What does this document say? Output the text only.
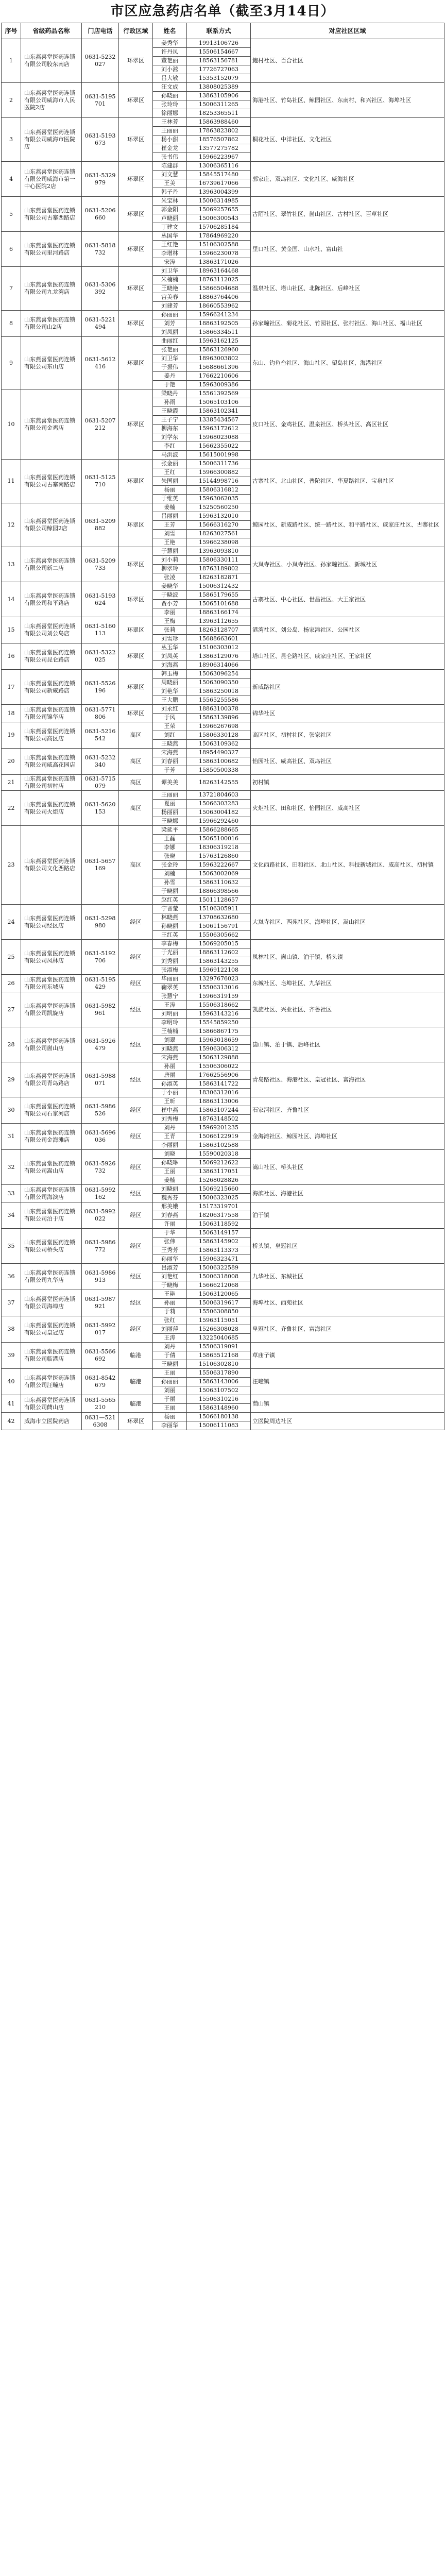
市区应急药店名单（截至3月14日）
序号	省级药品名称	门店电话	行政区域	姓名	联系方式	对应社区区域
1	山东燕喜堂医药连锁有限公司胶东南店	0631-5232027	环翠区	姜秀华	19913106726	鲍村社区、百合社区
				许丹凤	15506154667	
				董艳丽	18563156781	
				刘小淞	17726727063	
				吕大敏	15353152079	
2	山东燕喜堂医药连锁有限公司威海市人民医院2店	0631-5195701	环翠区	汪文成	13808025389	海港社区、竹岛社区、鲸园社区、东南村、和兴社区、海埠社区
				孙晓丽	13863105906	
				张玲玲	15006311265	
				徐丽娜	18253365511	
3	山东燕喜堂医药连锁有限公司威海市医院店	0631-5193673	环翠区	王林芳	15863988460	桐花社区、中洋社区、文化社区
				王丽丽	17863823802	
				杨小甜	18576507862	
				崔金龙	13577275782	
				张书伟	15966223967	
4	山东燕喜堂医药连锁有限公司威海市第一中心医院2店	0631-5329979	环翠区	陈建群	13006365116	郭家庄、双岛社区、文化社区、威海社区
				刘文慧	15845517480	
				王美	16739617066	
				韩子丹	13963004399	
5	山东燕喜堂医药连锁有限公司古寨西路店	0631-5206660	环翠区	朱宝林	15006314985	古陌社区、翠竹社区、崮山社区、古村社区、百草社区
				郭金阳	15069257655	
				芦晓丽	15006300543	
				丁建文	15706285184	
6	山东燕喜堂医药连锁有限公司里河路店	0631-5818732	环翠区	丛国华	17864969220	里口社区、黄金国、山水社、富山社
				王红艳	15106302588	
				李增林	15966230078	
				宋涛	13863171026	
7	山东燕喜堂医药连锁有限公司九龙湾店	0631-5306392	环翠区	刘卫华	18963164468	温泉社区、塔山社区、北陈社区、后峰社区
				朱楠楠	18763112025	
				王晓艳	15866504688	
				宫美春	18863764406	
				刘建芳	18660553962	
8	山东燕喜堂医药连锁有限公司山2店	0631-5221494	环翠区	孙丽丽	15966241234	孙家疃社区、菊花社区、竹园社区、张村社区、海山社区、福山社区
				刘芳	18863192505	
				刘凤丽	15866334511	
9	山东燕喜堂医药连锁有限公司东山店	0631-5612416	环翠区	曲丽红	15963162125	东山、钓鱼台社区、海山社区、望岛社区、海港社区
				张艳丽	15863126960	
				刘卫华	18963003802	
				于振伟	15688661396	
				姜丹	17662210606	
				于艳	15963009386	
10	山东燕喜堂医药连锁有限公司金鸡店	0631-5207212	环翠区	梁晓丹	15561392569	皮口社区、金鸡社区、温泉社区、桥头社区、高区社区
				孙雨	15065103106	
				王晓霞	15863102341	
				王子宁	13385434567	
				柳海东	15963172612	
				刘学东	15968023088	
				李红	15662355022	
				马洪波	15615001998	
11	山东燕喜堂医药连锁有限公司古寨南路店	0631-5125710	环翠区	张金丽	15006311736	古寨社区、北山社区、普陀社区、华夏路社区、宝泉社区
				王红	15966300882	
				朱国丽	15144998716	
				杨丽	15806316812	
				于维英	15963062035	
12	山东燕喜堂医药连锁有限公司鲸园2店	0631-5209882	环翠区	姜楠	15250560250	鲸园社区、新威路社区、统一路社区、和平路社区、戚家庄社区、古寨社区
				吕丽丽	15963132010	
				王芳	15666316270	
				刘雪	18263027561	
				王艳	15966238098	
13	山东燕喜堂医药连锁有限公司新二店	0631-5209733	环翠区	于慧丽	13963093810	大岚寺社区、小岚寺社区、孙家疃社区、新城社区
				刘小莉	15806330111	
				柳翠玲	18763189802	
				张凌	18263182871	
14	山东燕喜堂医药连锁有限公司和平路店	0631-5193624	环翠区	姜晓华	15006312432	古寨社区、中心社区、世昌社区、大王家社区
				于晓波	15865179655	
				贾小芳	15065101688	
				李丽	18863166174	
15	山东燕喜堂医药连锁有限公司刘公岛店	0631-5160113	环翠区	王梅	13963112655	港湾社区、刘公岛、杨家滩社区、公园社区
				张莉	18263128707	
				刘雪珍	15688663601	
16	山东燕喜堂医药连锁有限公司昆仑路店	0631-5322025	环翠区	丛玉华	15106303012	塔山社区、昆仑路社区、戚家庄社区、王家社区
				刘凤英	13863129076	
				刘海燕	18906314066	
17	山东燕喜堂医药连锁有限公司新威路店	0631-5526196	环翠区	韩玉梅	15063096254	新威路社区
				周晓丽	15063090350	
				刘艳华	15863250018	
				王大鹏	15565255586	
18	山东燕喜堂医药连锁有限公司锦华店	0631-5771806	环翠区	刘永红	18863100378	锦华社区
				于风	15863139896	
19	山东燕喜堂医药连锁有限公司高区店	0631-5216542	高区	王荣	15966267698	高区社区、初村社区、张家社区
				刘红	15806330128	
				王晓燕	15063109362	
20	山东燕喜堂医药连锁有限公司威高花园店	0631-5232340	高区	宋海燕	18954490327	怡园社区、威高社区、双岛社区
				刘春丽	15863100682	
				于芳	15850500338	
21	山东燕喜堂医药连锁有限公司初村店	0631-5715079	高区	谭美美	18263142555	初村镇
22	山东燕喜堂医药连锁有限公司火炬店	0631-5620153	高区	王丽丽	13721804603	火炬社区、田和社区、怡园社区、威高社区
				夏丽	15066303283	
				杨丽丽	15063004182	
				王晓娜	15966292460	
23	山东燕喜堂医药连锁有限公司文化西路店	0631-5657169	高区	梁延平	15866288665	文化西路社区、田和社区、北山社区、科技新城社区、威高社区、初村镇
				王磊	15065100016	
				李娜	18306319218	
				张晓	15763126860	
				张金玲	15963222667	
				刘楠	15063002069	
				孙雪	15863110632	
				于晓丽	18866398566	
				赵红英	15011128657	
24	山东燕喜堂医药连锁有限公司经区店	0631-5298980	经区	宁晋莹	15106305911	大岚寺社区、西苑社区、海埠社区、嵩山社区
				林晓燕	13708632680	
				孙晓丽	15061156791	
				王红英	15506305662	
25	山东燕喜堂医药连锁有限公司凤林店	0631-5192706	经区	李春梅	15069205015	凤林社区、崮山镇、泊于镇、桥头镇
				于光丽	18863112602	
				刘秀丽	15863143255	
				张淑梅	15969122108	
26	山东燕喜堂医药连锁有限公司东城店	0631-5195429	经区	毕丽丽	13297676023	东城社区、皂埠社区、九华社区
				鞠翠英	15506313016	
27	山东燕喜堂医药连锁有限公司凯旋店	0631-5982961	经区	张慧宁	15966319159	凯旋社区、兴业社区、齐鲁社区
				王涛	15506318662	
				刘明丽	15963143216	
				李明玲	15545859250	
28	山东燕喜堂医药连锁有限公司崮山店	0631-5926479	经区	王楠楠	15866867175	崮山镇、泊于镇、后峰社区
				刘翠	15963018659	
				刘晓燕	15906306312	
				宋海燕	15063129888	
29	山东燕喜堂医药连锁有限公司青岛路店	0631-5988071	经区	孙丽	15506306022	青岛路社区、海港社区、皇冠社区、富海社区
				唐丽	17662556906	
				孙淑英	15863141722	
				于小丽	18306312016	
30	山东燕喜堂医药连锁有限公司石家河店	0631-5986526	经区	王昕	18863113006	石家河社区、齐鲁社区
				崔中燕	15863107244	
				刘秀梅	18763148502	
31	山东燕喜堂医药连锁有限公司金海滩店	0631-5696036	经区	刘丹	15969201235	金海滩社区、鲸园社区、海埠社区
				王青	15066122919	
				李丽丽	15863102588	
32	山东燕喜堂医药连锁有限公司嵩山店	0631-5926732	经区	刘晓	15590020318	嵩山社区、桥头社区
				孙晓琳	15069212622	
				王丽	13863117051	
				姜楠	15268028826	
33	山东燕喜堂医药连锁有限公司海滨店	0631-5992162	经区	刘晓丽	15069215660	海滨社区、海港社区
				魏秀芬	15006323025	
34	山东燕喜堂医药连锁有限公司泊于店	0631-5992022	经区	邢美娥	15173319701	泊于镇
				刘春燕	18206317558	
				许丽	15063118592	
35	山东燕喜堂医药连锁有限公司桥头店	0631-5986772	经区	于华	15063149157	桥头镇、皇冠社区
				张伟	15863145902	
				王秀芳	15863113373	
				孙丽华	15906323471	
36	山东燕喜堂医药连锁有限公司九华店	0631-5986913	经区	吕淑芳	15006322589	九华社区、东城社区
				刘艳红	15006318008	
				于晓梅	15666212068	
37	山东燕喜堂医药连锁有限公司海埠店	0631-5987921	经区	王艳	15063120065	海埠社区、西苑社区
				孙丽	15006319617	
				于莉	15506308850	
38	山东燕喜堂医药连锁有限公司皇冠店	0631-5992017	经区	张红	15963115051	皇冠社区、齐鲁社区、富海社区
				刘丽萍	15266308028	
				王涛	13225040685	
39	山东燕喜堂医药连锁有限公司临港店	0631-5566692	临港	刘丹	15506319091	草庙子镇
				于倩	15865512168	
				王晓丽	15106302810	
40	山东燕喜堂医药连锁有限公司汪疃店	0631-8542679	临港	王丽	15506317890	汪疃镇
				孙丽丽	15863143006	
				刘丽	15063107502	
41	山东燕喜堂医药连锁有限公司蔄山店	0631-5565210	临港	于丽	15506310216	蔄山镇
				王丽	15863148960	
42	威海市立医院药店	0631—5216308	环翠区	杨丽	15066180138	立医院周边社区
				李丽华	15006111083	
